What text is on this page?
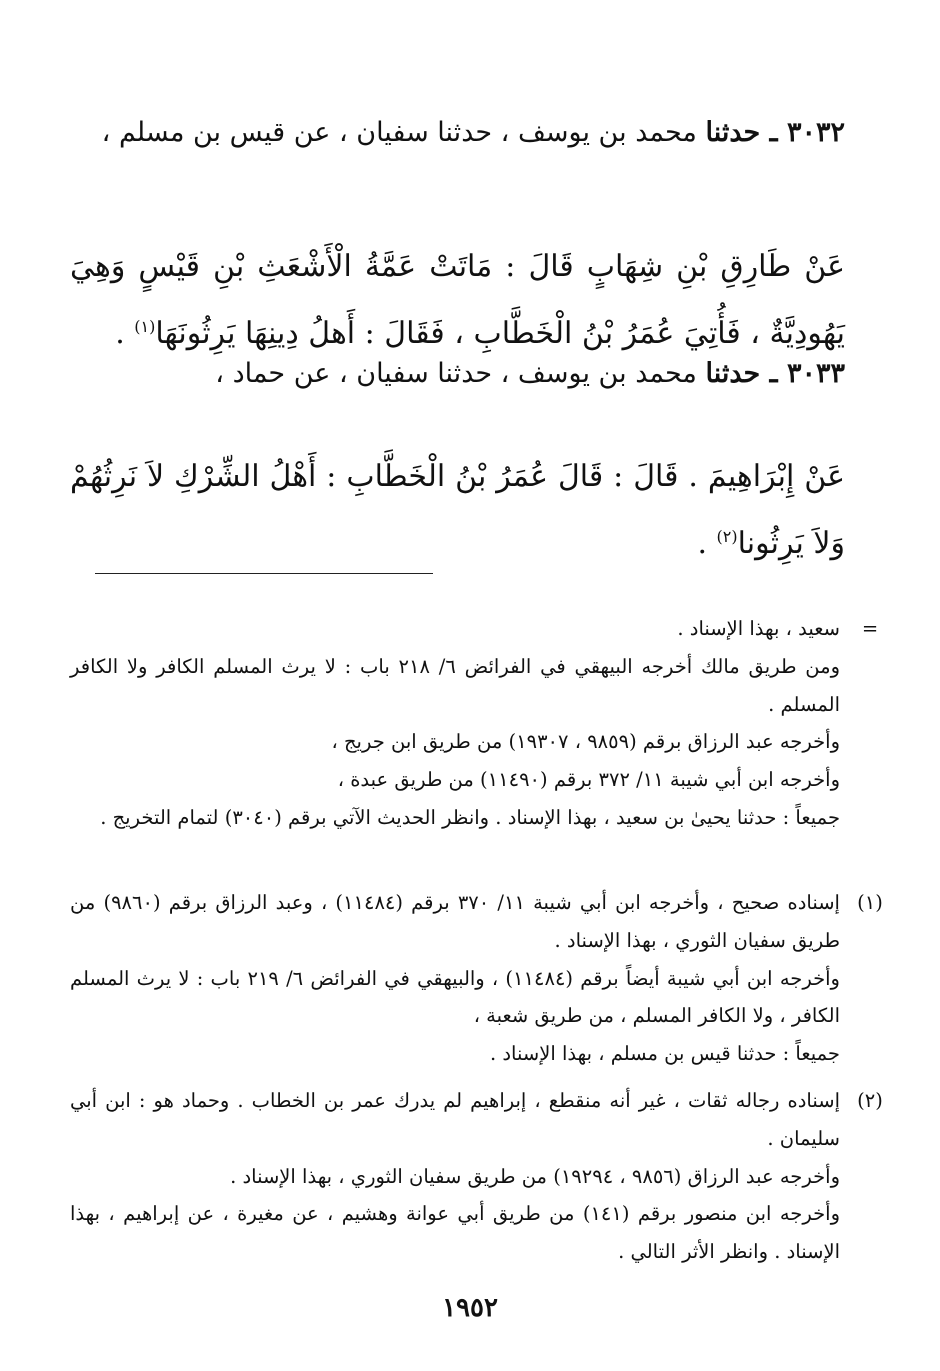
٣٠٣٢ ـ حدثنا محمد بن يوسف ، حدثنا سفيان ، عن قيس بن مسلم ،
عَنْ طَارِقِ بْنِ شِهَابٍ قَالَ : مَاتَتْ عَمَّةُ الْأَشْعَثِ بْنِ قَيْسٍ وَهِيَ يَهُودِيَّةٌ ، فَأُتِيَ عُمَرُ بْنُ الْخَطَّابِ ، فَقَالَ : أَهلُ دِينِهَا يَرِثُونَهَا$^{(١)}$ .
٣٠٣٣ ـ حدثنا محمد بن يوسف ، حدثنا سفيان ، عن حماد ،
عَنْ إِبْرَاهِيمَ . قَالَ : قَالَ عُمَرُ بْنُ الْخَطَّابِ : أَهْلُ الشِّرْكِ لاَ نَرِثُهُمْ وَلاَ يَرِثُونا$^{(٢)}$ .
=

سعيد ، بهذا الإسناد .

ومن طريق مالك أخرجه البيهقي في الفرائض ٦/ ٢١٨ باب : لا يرث المسلم الكافر ولا الكافر المسلم .

وأخرجه عبد الرزاق برقم (٩٨٥٩ ، ١٩٣٠٧) من طريق ابن جريج ،

وأخرجه ابن أبي شيبة ١١/ ٣٧٢ برقم (١١٤٩٠) من طريق عبدة ،

جميعاً : حدثنا يحيىٰ بن سعيد ، بهذا الإسناد . وانظر الحديث الآتي برقم (٣٠٤٠) لتمام التخريج .

(١)

إسناده صحيح ، وأخرجه ابن أبي شيبة ١١/ ٣٧٠ برقم (١١٤٨٤) ، وعبد الرزاق برقم (٩٨٦٠) من طريق سفيان الثوري ، بهذا الإسناد .

وأخرجه ابن أبي شيبة أيضاً برقم (١١٤٨٤) ، والبيهقي في الفرائض ٦/ ٢١٩ باب : لا يرث المسلم الكافر ، ولا الكافر المسلم ، من طريق شعبة ،

جميعاً : حدثنا قيس بن مسلم ، بهذا الإسناد .

(٢)

إسناده رجاله ثقات ، غير أنه منقطع ، إبراهيم لم يدرك عمر بن الخطاب . وحماد هو : ابن أبي سليمان .

وأخرجه عبد الرزاق (٩٨٥٦ ، ١٩٢٩٤) من طريق سفيان الثوري ، بهذا الإسناد .

وأخرجه ابن منصور برقم (١٤١) من طريق أبي عوانة وهشيم ، عن مغيرة ، عن إبراهيم ، بهذا الإسناد . وانظر الأثر التالي .

١٩٥٢
